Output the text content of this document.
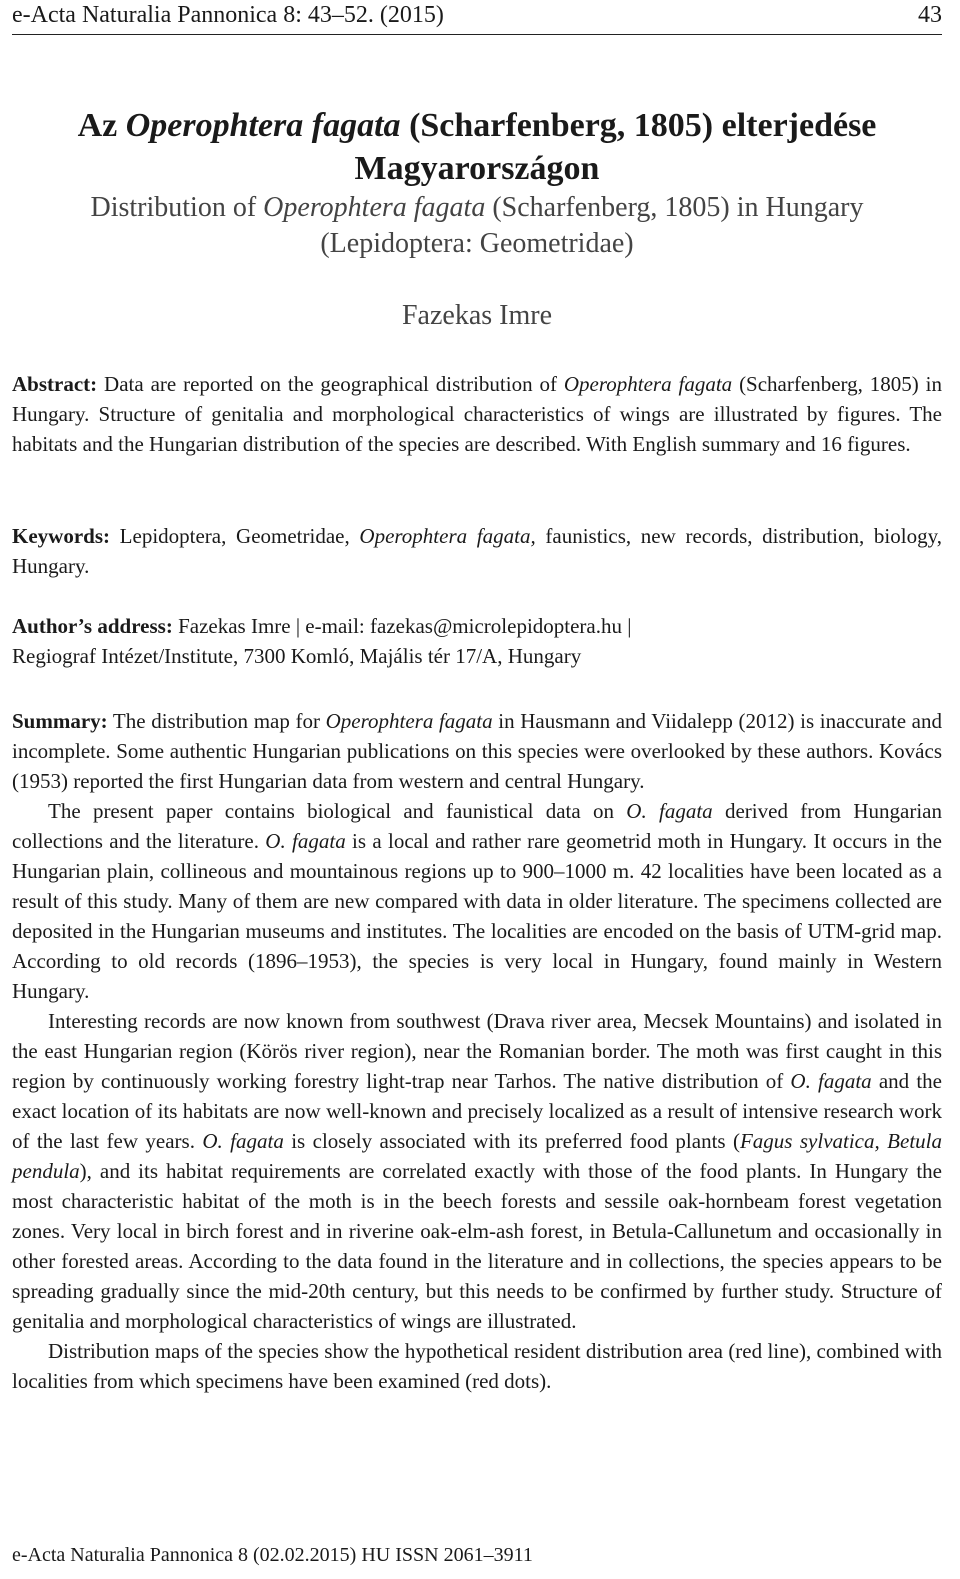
e-Acta Naturalia Pannonica 8: 43–52. (2015)	43
Az Operophtera fagata (Scharfenberg, 1805) elterjedése Magyarországon
Distribution of Operophtera fagata (Scharfenberg, 1805) in Hungary (Lepidoptera: Geometridae)
Fazekas Imre

Abstract: Data are reported on the geographical distribution of Operophtera fagata (Scharfenberg, 1805) in Hungary. Structure of genitalia and morphological characteristics of wings are illustrated by figures. The habitats and the Hungarian distribution of the species are described. With English summary and 16 figures.

Keywords: Lepidoptera, Geometridae, Operophtera fagata, faunistics, new records, distribution, biology, Hungary.

Author’s address: Fazekas Imre | e-mail: fazekas@microlepidoptera.hu |

Regiograf Intézet/Institute, 7300 Komló, Majális tér 17/A, Hungary

Summary: The distribution map for Operophtera fagata in Hausmann and Viidalepp (2012) is inaccurate and incomplete. Some authentic Hungarian publications on this species were overlooked by these authors. Kovács (1953) reported the first Hungarian data from western and central Hungary.

The present paper contains biological and faunistical data on O. fagata derived from Hungarian collections and the literature. O. fagata is a local and rather rare geometrid moth in Hungary. It occurs in the Hungarian plain, collineous and mountainous regions up to 900–1000 m. 42 localities have been located as a result of this study. Many of them are new compared with data in older literature. The specimens collected are deposited in the Hungarian museums and institutes. The localities are encoded on the basis of UTM-grid map. According to old records (1896–1953), the species is very local in Hungary, found mainly in Western Hungary.

Interesting records are now known from southwest (Drava river area, Mecsek Mountains) and isolated in the east Hungarian region (Körös river region), near the Romanian border. The moth was first caught in this region by continuously working forestry light-trap near Tarhos. The native distribution of O. fagata and the exact location of its habitats are now well-known and precisely localized as a result of intensive research work of the last few years. O. fagata is closely associated with its preferred food plants (Fagus sylvatica, Betula pendula), and its habitat requirements are correlated exactly with those of the food plants. In Hungary the most characteristic habitat of the moth is in the beech forests and sessile oak-hornbeam forest vegetation zones. Very local in birch forest and in riverine oak-elm-ash forest, in Betula-Callunetum and occasionally in other forested areas. According to the data found in the literature and in collections, the species appears to be spreading gradually since the mid-20th century, but this needs to be confirmed by further study. Structure of genitalia and morphological characteristics of wings are illustrated.

Distribution maps of the species show the hypothetical resident distribution area (red line), combined with localities from which specimens have been examined (red dots).

e-Acta Naturalia Pannonica 8 (02.02.2015) HU ISSN 2061–3911
